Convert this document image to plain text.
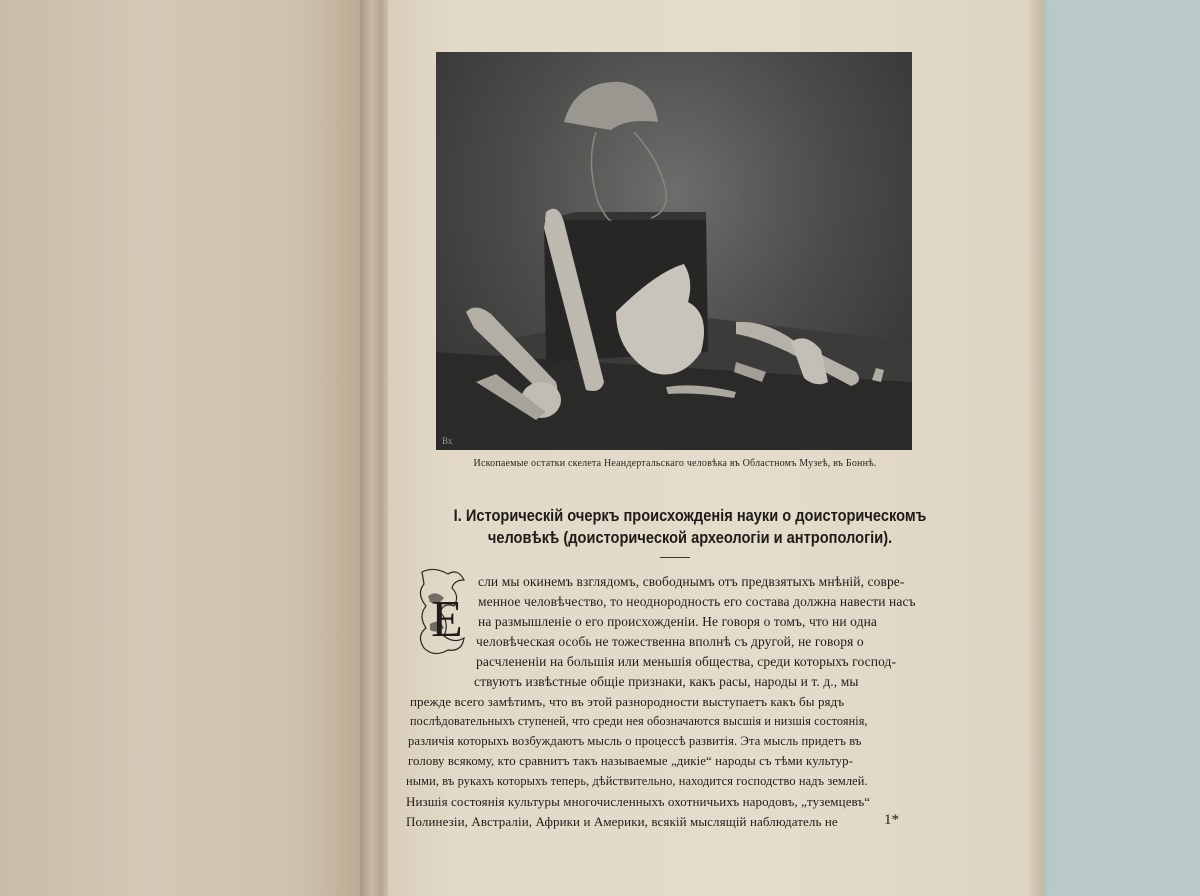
Вх
Ископаемые остатки скелета Неандертальскаго человѣка въ Областномъ Музеѣ, въ Боннѣ.
I. Историческій очеркъ происхожденія науки о доисторическомъ
человѣкѣ (доисторической археологіи и антропологіи).
Е
сли мы окинемъ взглядомъ, свободнымъ отъ предвзятыхъ мнѣній, совре-
менное человѣчество, то неоднородность его состава должна навести насъ
на размышленіе о его происхожденіи. Не говоря о томъ, что ни одна
человѣческая особь не тожественна вполнѣ съ другой, не говоря о
расчлененіи на большія или меньшія общества, среди которыхъ господ-
ствуютъ извѣстные общіе признаки, какъ расы, народы и т. д., мы
прежде всего замѣтимъ, что въ этой разнородности выступаетъ какъ бы рядъ
послѣдовательныхъ ступеней, что среди нея обозначаются высшія и низшія состоянія,
различія которыхъ возбуждаютъ мысль о процессѣ развитія. Эта мысль придетъ въ
голову всякому, кто сравнитъ такъ называемые „дикіе“ народы съ тѣми культур-
ными, въ рукахъ которыхъ теперь, дѣйствительно, находится господство надъ землей.
Низшія состоянія культуры многочисленныхъ охотничьихъ народовъ, „туземцевъ“
Полинезіи, Австраліи, Африки и Америки, всякій мыслящій наблюдатель не	1*
